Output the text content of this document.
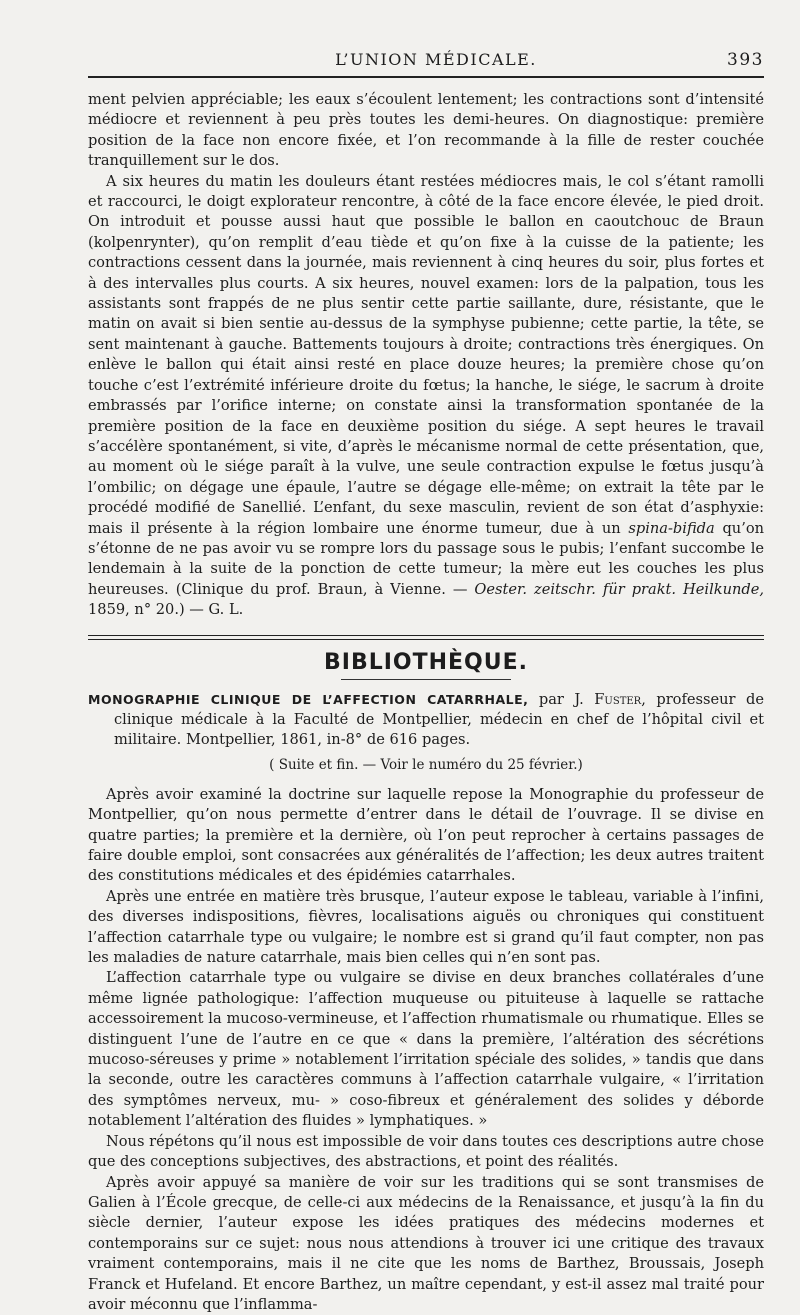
L’UNION MÉDICALE.	393

ment pelvien appréciable; les eaux s’écoulent lentement; les contractions sont d’intensité médiocre et reviennent à peu près toutes les demi-heures. On diagnostique: première position de la face non encore fixée, et l’on recommande à la fille de rester couchée tranquillement sur le dos.

A six heures du matin les douleurs étant restées médiocres mais, le col s’étant ramolli et raccourci, le doigt explorateur rencontre, à côté de la face encore élevée, le pied droit. On introduit et pousse aussi haut que possible le ballon en caoutchouc de Braun (kolpenrynter), qu’on remplit d’eau tiède et qu’on fixe à la cuisse de la patiente; les contractions cessent dans la journée, mais reviennent à cinq heures du soir, plus fortes et à des intervalles plus courts. A six heures, nouvel examen: lors de la palpation, tous les assistants sont frappés de ne plus sentir cette partie saillante, dure, résistante, que le matin on avait si bien sentie au-dessus de la symphyse pubienne; cette partie, la tête, se sent maintenant à gauche. Battements toujours à droite; contractions très énergiques. On enlève le ballon qui était ainsi resté en place douze heures; la première chose qu’on touche c’est l’extrémité inférieure droite du fœtus; la hanche, le siége, le sacrum à droite embrassés par l’orifice interne; on constate ainsi la transformation spontanée de la première position de la face en deuxième position du siége. A sept heures le travail s’accélère spontanément, si vite, d’après le mécanisme normal de cette présentation, que, au moment où le siége paraît à la vulve, une seule contraction expulse le fœtus jusqu’à l’ombilic; on dégage une épaule, l’autre se dégage elle-même; on extrait la tête par le procédé modifié de Sanellié. L’enfant, du sexe masculin, revient de son état d’asphyxie: mais il présente à la région lombaire une énorme tumeur, due à un spina-bifida qu’on s’étonne de ne pas avoir vu se rompre lors du passage sous le pubis; l’enfant succombe le lendemain à la suite de la ponction de cette tumeur; la mère eut les couches les plus heureuses. (Clinique du prof. Braun, à Vienne. — Oester. zeitschr. für prakt. Heilkunde, 1859, n° 20.) — G. L.

BIBLIOTHÈQUE.
MONOGRAPHIE CLINIQUE DE L’AFFECTION CATARRHALE, par J. Fuster, professeur de clinique médicale à la Faculté de Montpellier, médecin en chef de l’hôpital civil et militaire. Montpellier, 1861, in-8° de 616 pages.
( Suite et fin. — Voir le numéro du 25 février.)

Après avoir examiné la doctrine sur laquelle repose la Monographie du professeur de Montpellier, qu’on nous permette d’entrer dans le détail de l’ouvrage. Il se divise en quatre parties; la première et la dernière, où l’on peut reprocher à certains passages de faire double emploi, sont consacrées aux généralités de l’affection; les deux autres traitent des constitutions médicales et des épidémies catarrhales.

Après une entrée en matière très brusque, l’auteur expose le tableau, variable à l’infini, des diverses indispositions, fièvres, localisations aiguës ou chroniques qui constituent l’affection catarrhale type ou vulgaire; le nombre est si grand qu’il faut compter, non pas les maladies de nature catarrhale, mais bien celles qui n’en sont pas.

L’affection catarrhale type ou vulgaire se divise en deux branches collatérales d’une même lignée pathologique: l’affection muqueuse ou pituiteuse à laquelle se rattache accessoirement la mucoso-vermineuse, et l’affection rhumatismale ou rhumatique. Elles se distinguent l’une de l’autre en ce que « dans la première, l’altération des sécrétions mucoso-séreuses y prime » notablement l’irritation spéciale des solides, » tandis que dans la seconde, outre les caractères communs à l’affection catarrhale vulgaire, « l’irritation des symptômes nerveux, mu- » coso-fibreux et généralement des solides y déborde notablement l’altération des fluides » lymphatiques. »

Nous répétons qu’il nous est impossible de voir dans toutes ces descriptions autre chose que des conceptions subjectives, des abstractions, et point des réalités.

Après avoir appuyé sa manière de voir sur les traditions qui se sont transmises de Galien à l’École grecque, de celle-ci aux médecins de la Renaissance, et jusqu’à la fin du siècle dernier, l’auteur expose les idées pratiques des médecins modernes et contemporains sur ce sujet: nous nous attendions à trouver ici une critique des travaux vraiment contemporains, mais il ne cite que les noms de Barthez, Broussais, Joseph Franck et Hufeland. Et encore Barthez, un maître cependant, y est-il assez mal traité pour avoir méconnu que l’inflamma-
